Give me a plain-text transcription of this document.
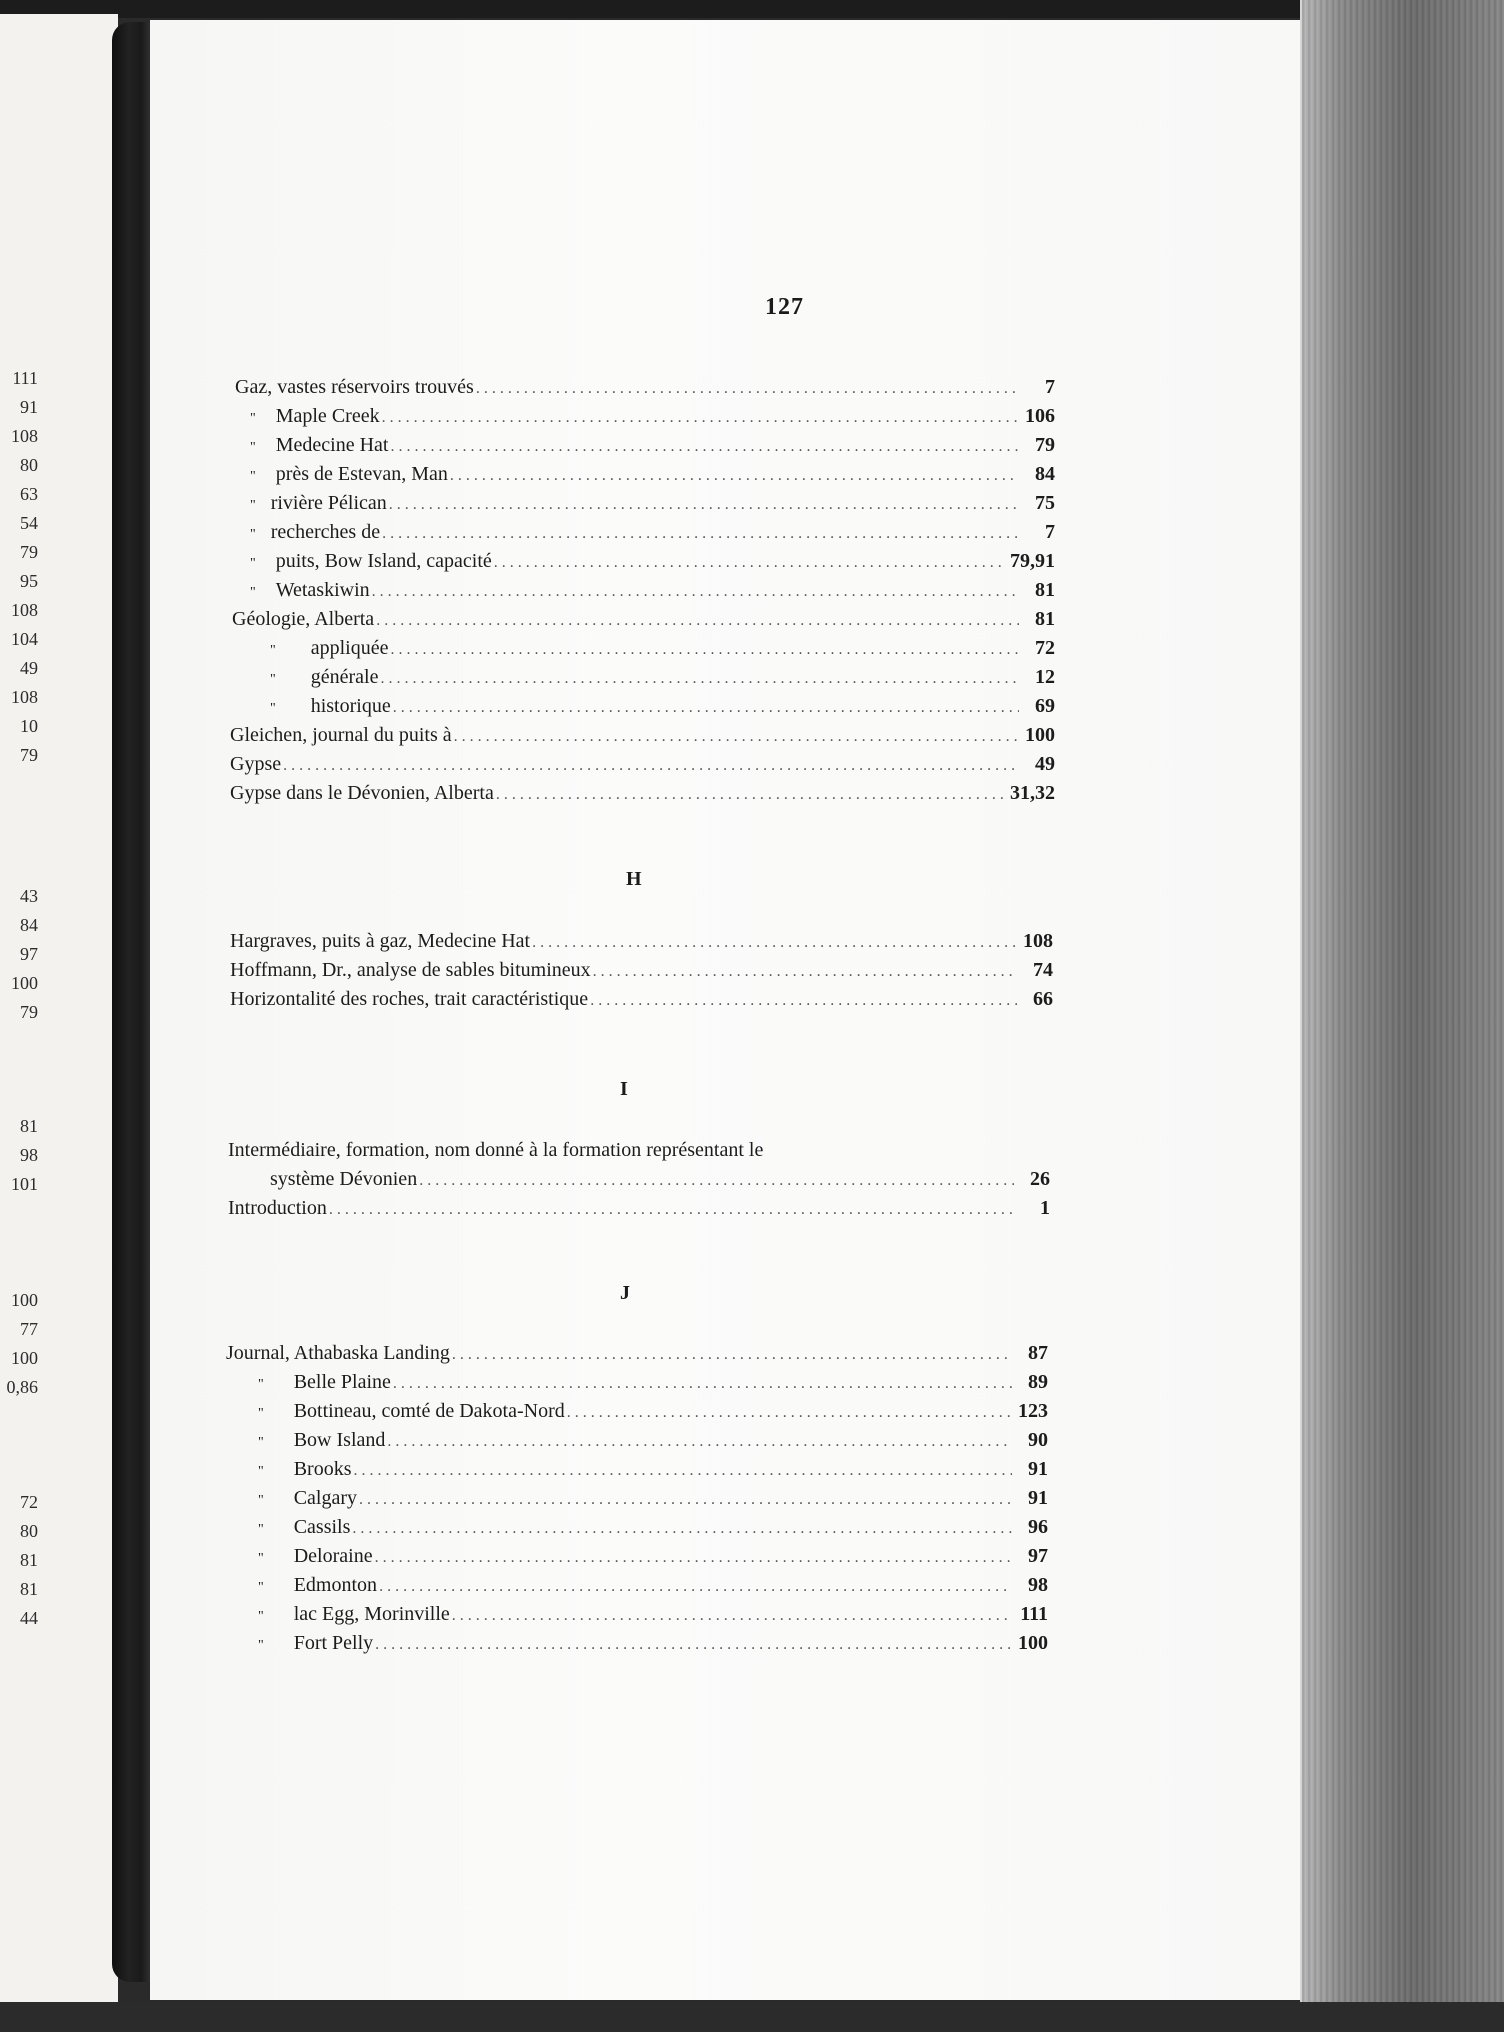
111
91
108
80
63
54
79
95
108
104
49
108
10
79
43
84
97
100
79
81
98
101
100
77
100
0,86
72
80
81
81
44
127
Gaz, vastes réservoirs trouvés . . .	7
" Maple Creek . . .	106
" Medecine Hat . . .	79
" près de Estevan, Man . . .	84
" rivière Pélican . . .	75
" recherches de . . .	7
" puits, Bow Island, capacité . . .	79,91
" Wetaskiwin . . .	81
Géologie, Alberta . . .	81
" appliquée . . .	72
" générale . . .	12
" historique . . .	69
Gleichen, journal du puits à . . .	100
Gypse . . .	49
Gypse dans le Dévonien, Alberta . . .	31,32
H
Hargraves, puits à gaz, Medecine Hat . . .	108
Hoffmann, Dr., analyse de sables bitumineux . . .	74
Horizontalité des roches, trait caractéristique . . .	66
I
Intermédiaire, formation, nom donné à la formation représentant le
système Dévonien . . .	26
Introduction . . .	1
J
Journal, Athabaska Landing . . .	87
" Belle Plaine . . .	89
" Bottineau, comté de Dakota-Nord . . .	123
" Bow Island . . .	90
" Brooks . . .	91
" Calgary . . .	91
" Cassils . . .	96
" Deloraine . . .	97
" Edmonton . . .	98
" lac Egg, Morinville . . .	111
" Fort Pelly . . .	100
